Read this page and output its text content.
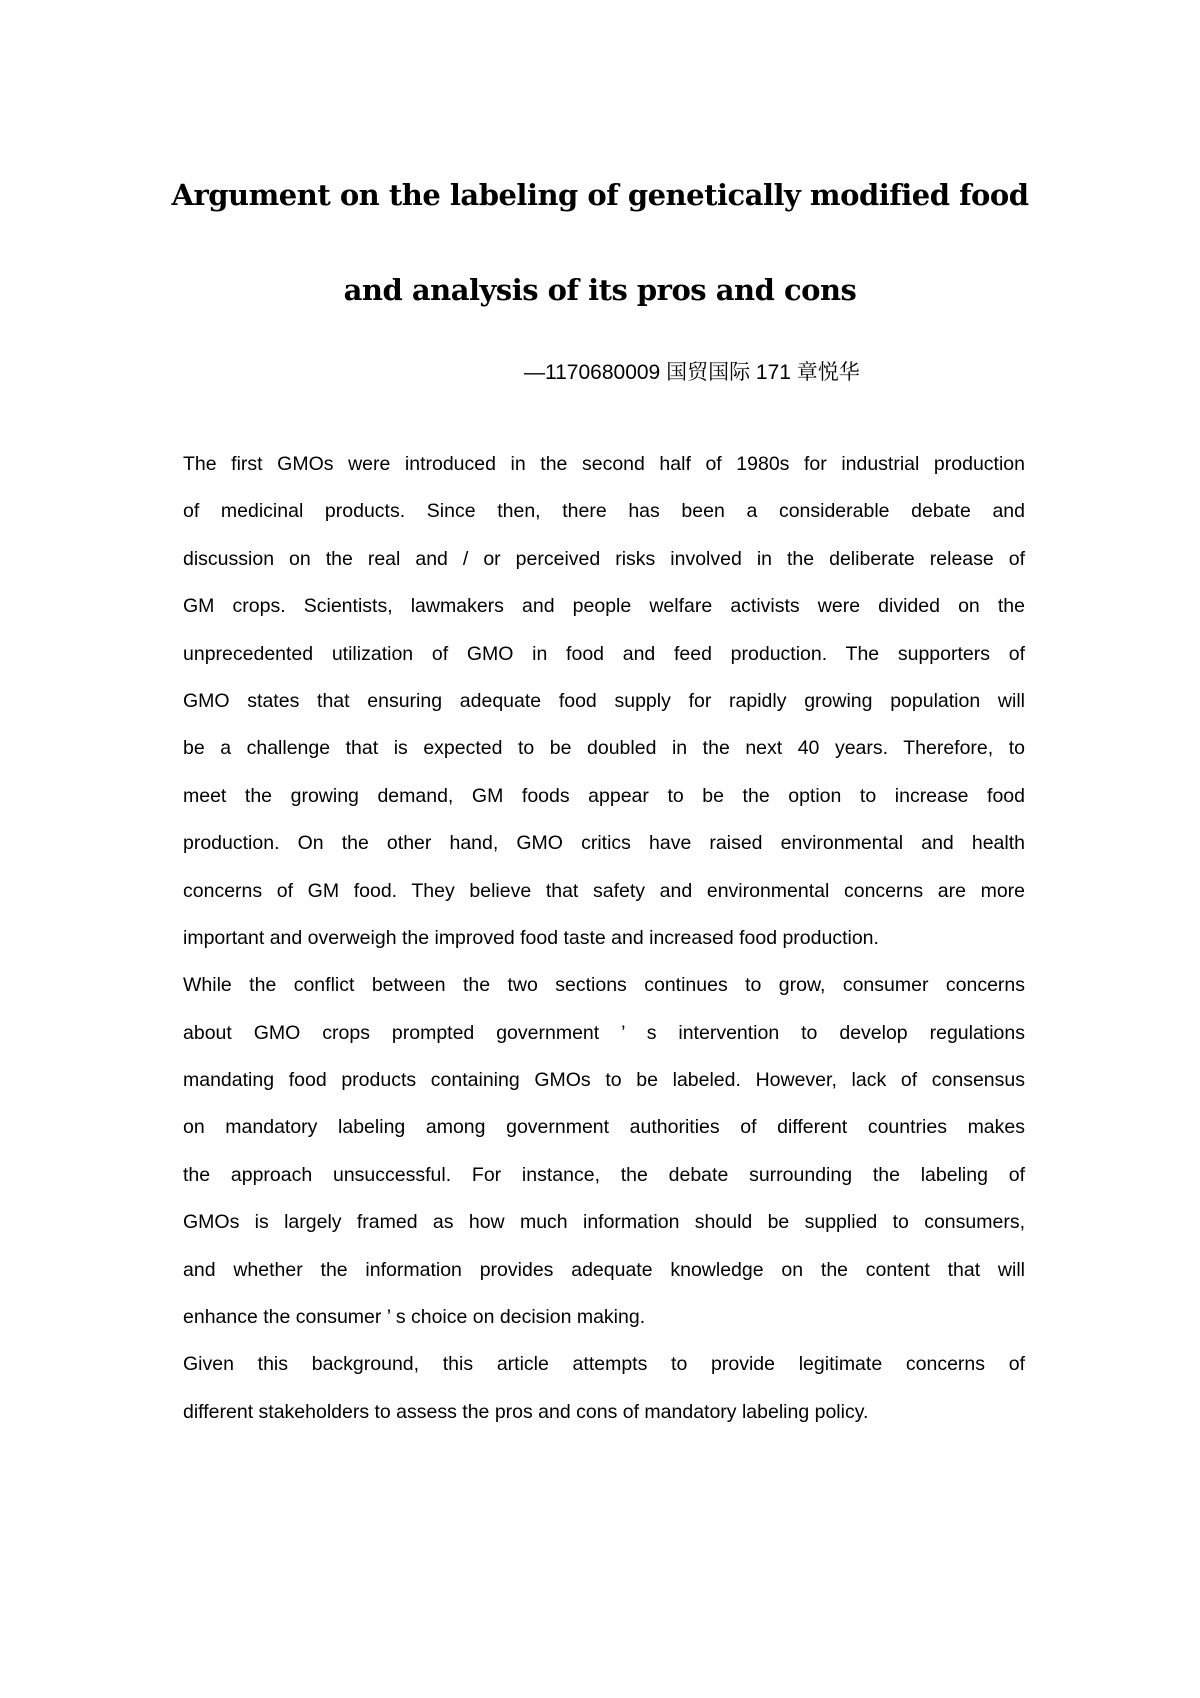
Argument on the labeling of genetically modified food
and analysis of its pros and cons
—1170680009 国贸国际 171 章悦华
The first GMOs were introduced in the second half of 1980s for industrial production
of medicinal products. Since then, there has been a considerable debate and
discussion on the real and / or perceived risks involved in the deliberate release of
GM crops. Scientists, lawmakers and people welfare activists were divided on the
unprecedented utilization of GMO in food and feed production. The supporters of
GMO states that ensuring adequate food supply for rapidly growing population will
be a challenge that is expected to be doubled in the next 40 years. Therefore, to
meet the growing demand, GM foods appear to be the option to increase food
production. On the other hand, GMO critics have raised environmental and health
concerns of GM food. They believe that safety and environmental concerns are more
important and overweigh the improved food taste and increased food production.
While the conflict between the two sections continues to grow, consumer concerns
about GMO crops prompted government ’ s intervention to develop regulations
mandating food products containing GMOs to be labeled. However, lack of consensus
on mandatory labeling among government authorities of different countries makes
the approach unsuccessful. For instance, the debate surrounding the labeling of
GMOs is largely framed as how much information should be supplied to consumers,
and whether the information provides adequate knowledge on the content that will
enhance the consumer ’ s choice on decision making.
Given this background, this article attempts to provide legitimate concerns of
different stakeholders to assess the pros and cons of mandatory labeling policy.
